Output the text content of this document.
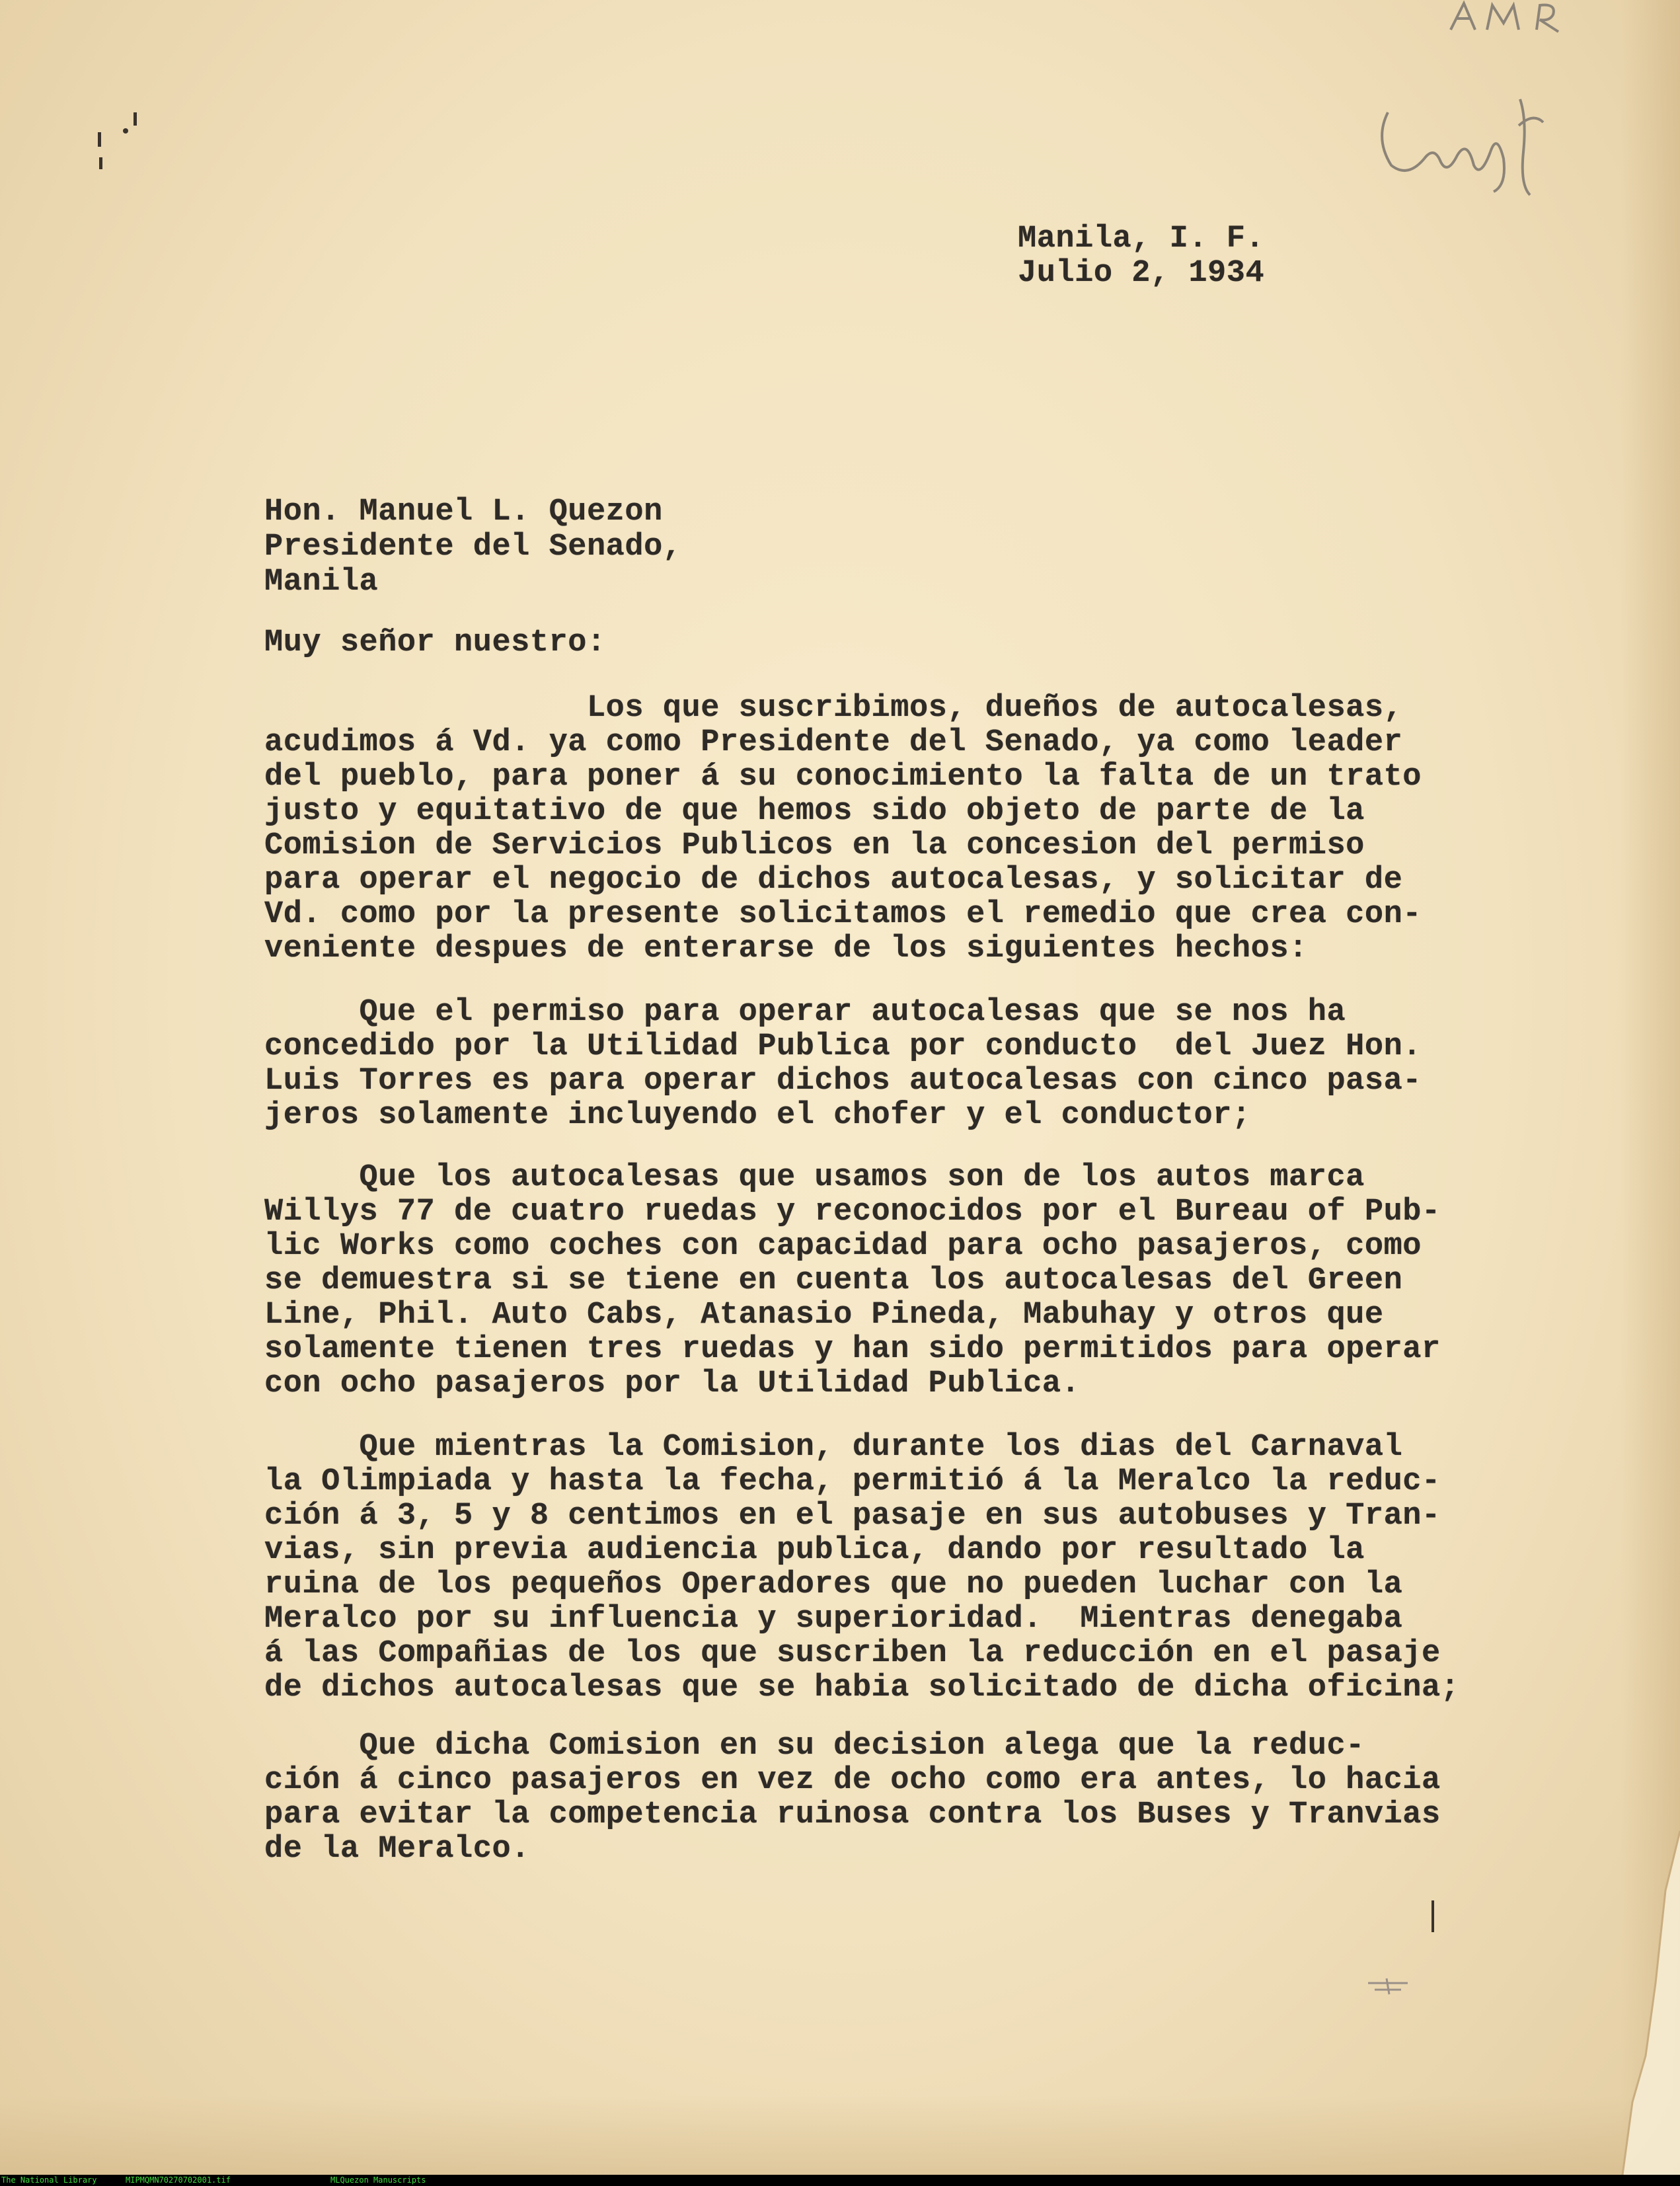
Manila, I. F.

Julio 2, 1934

Hon. Manuel L. Quezon

Presidente del Senado,

Manila

Muy señor nuestro:

Los que suscribimos, dueños de autocalesas,

acudimos á Vd. ya como Presidente del Senado, ya como leader

del pueblo, para poner á su conocimiento la falta de un trato

justo y equitativo de que hemos sido objeto de parte de la

Comision de Servicios Publicos en la concesion del permiso

para operar el negocio de dichos autocalesas, y solicitar de

Vd. como por la presente solicitamos el remedio que crea con-

veniente despues de enterarse de los siguientes hechos:

Que el permiso para operar autocalesas que se nos ha

concedido por la Utilidad Publica por conducto  del Juez Hon.

Luis Torres es para operar dichos autocalesas con cinco pasa-

jeros solamente incluyendo el chofer y el conductor;

Que los autocalesas que usamos son de los autos marca

Willys 77 de cuatro ruedas y reconocidos por el Bureau of Pub-

lic Works como coches con capacidad para ocho pasajeros, como

se demuestra si se tiene en cuenta los autocalesas del Green

Line, Phil. Auto Cabs, Atanasio Pineda, Mabuhay y otros que

solamente tienen tres ruedas y han sido permitidos para operar

con ocho pasajeros por la Utilidad Publica.

Que mientras la Comision, durante los dias del Carnaval

la Olimpiada y hasta la fecha, permitió á la Meralco la reduc-

ción á 3, 5 y 8 centimos en el pasaje en sus autobuses y Tran-

vias, sin previa audiencia publica, dando por resultado la

ruina de los pequeños Operadores que no pueden luchar con la

Meralco por su influencia y superioridad.  Mientras denegaba

á las Compañias de los que suscriben la reducción en el pasaje

de dichos autocalesas que se habia solicitado de dicha oficina;

Que dicha Comision en su decision alega que la reduc-

ción á cinco pasajeros en vez de ocho como era antes, lo hacia

para evitar la competencia ruinosa contra los Buses y Tranvias

de la Meralco.

The National Library	MIPMQMN70270702001.tif	MLQuezon Manuscripts
